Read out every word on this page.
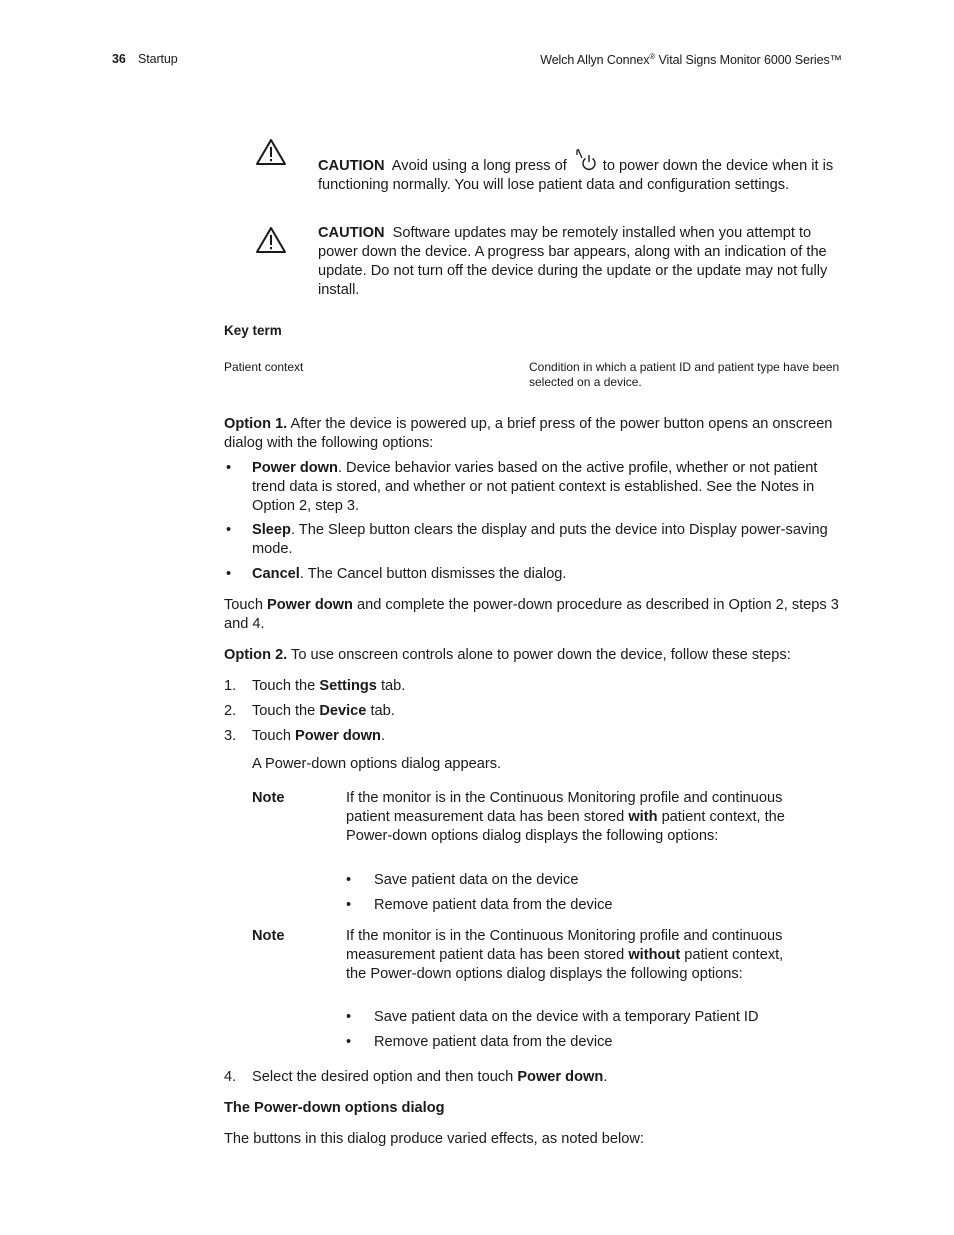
36 Startup	Welch Allyn Connex® Vital Signs Monitor 6000 Series™
CAUTION Avoid using a long press of to power down the device when it is functioning normally. You will lose patient data and configuration settings.
CAUTION Software updates may be remotely installed when you attempt to power down the device. A progress bar appears, along with an indication of the update. Do not turn off the device during the update or the update may not fully install.
Key term
Patient context	Condition in which a patient ID and patient type have been selected on a device.
Option 1. After the device is powered up, a brief press of the power button opens an onscreen dialog with the following options:
• Power down. Device behavior varies based on the active profile, whether or not patient trend data is stored, and whether or not patient context is established. See the Notes in Option 2, step 3.
• Sleep. The Sleep button clears the display and puts the device into Display power-saving mode.
• Cancel. The Cancel button dismisses the dialog.
Touch Power down and complete the power-down procedure as described in Option 2, steps 3 and 4.
Option 2. To use onscreen controls alone to power down the device, follow these steps:
1. Touch the Settings tab.
2. Touch the Device tab.
3. Touch Power down.
A Power-down options dialog appears.
Note	If the monitor is in the Continuous Monitoring profile and continuous patient measurement data has been stored with patient context, the Power-down options dialog displays the following options:
• Save patient data on the device
• Remove patient data from the device
Note	If the monitor is in the Continuous Monitoring profile and continuous measurement patient data has been stored without patient context, the Power-down options dialog displays the following options:
• Save patient data on the device with a temporary Patient ID
• Remove patient data from the device
4. Select the desired option and then touch Power down.
The Power-down options dialog
The buttons in this dialog produce varied effects, as noted below:
